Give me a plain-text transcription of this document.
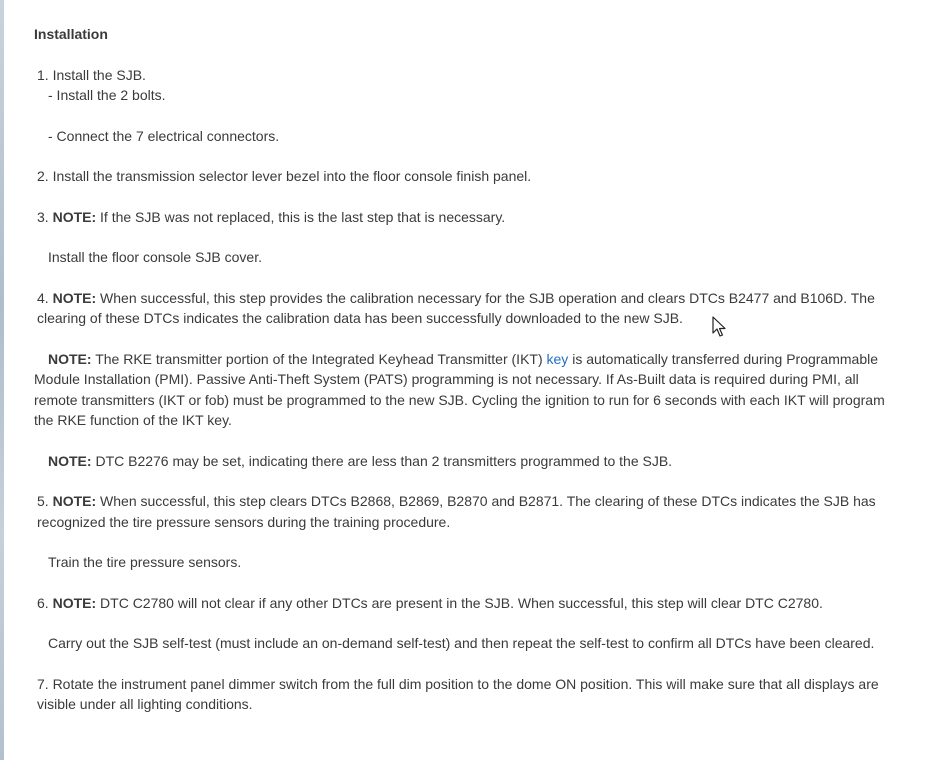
Installation

1. Install the SJB.

- Install the 2 bolts.

- Connect the 7 electrical connectors.

2. Install the transmission selector lever bezel into the floor console finish panel.

3. NOTE: If the SJB was not replaced, this is the last step that is necessary.

Install the floor console SJB cover.

4. NOTE: When successful, this step provides the calibration necessary for the SJB operation and clears DTCs B2477 and B106D. The clearing of these DTCs indicates the calibration data has been successfully downloaded to the new SJB.

NOTE: The RKE transmitter portion of the Integrated Keyhead Transmitter (IKT) key is automatically transferred during Programmable Module Installation (PMI). Passive Anti-Theft System (PATS) programming is not necessary. If As-Built data is required during PMI, all remote transmitters (IKT or fob) must be programmed to the new SJB. Cycling the ignition to run for 6 seconds with each IKT will program the RKE function of the IKT key.

NOTE: DTC B2276 may be set, indicating there are less than 2 transmitters programmed to the SJB.

5. NOTE: When successful, this step clears DTCs B2868, B2869, B2870 and B2871. The clearing of these DTCs indicates the SJB has recognized the tire pressure sensors during the training procedure.

Train the tire pressure sensors.

6. NOTE: DTC C2780 will not clear if any other DTCs are present in the SJB. When successful, this step will clear DTC C2780.

Carry out the SJB self-test (must include an on-demand self-test) and then repeat the self-test to confirm all DTCs have been cleared.

7. Rotate the instrument panel dimmer switch from the full dim position to the dome ON position. This will make sure that all displays are visible under all lighting conditions.
